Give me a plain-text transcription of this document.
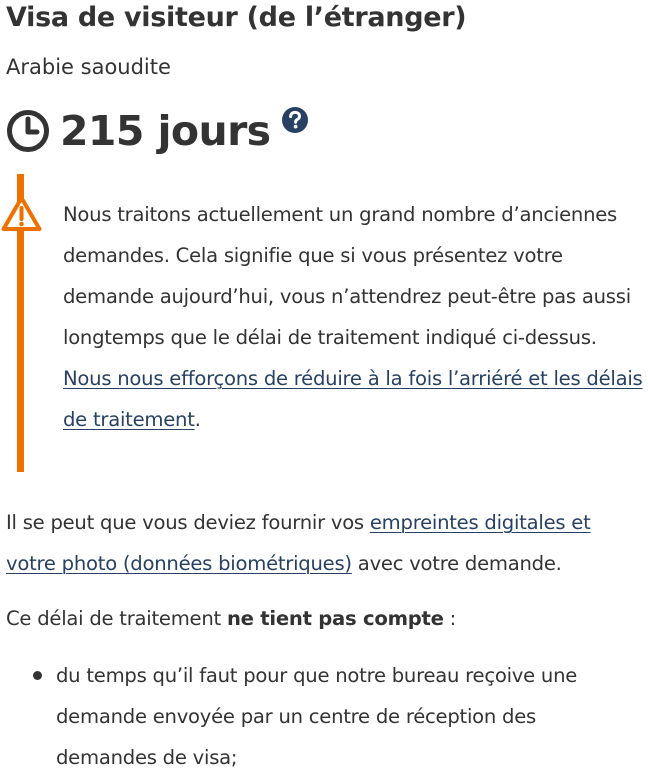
Visa de visiteur (de l’étranger)
Arabie saoudite
215 jours

Nous traitons actuellement un grand nombre d’anciennes demandes. Cela signifie que si vous présentez votre demande aujourd’hui, vous n’attendrez peut-être pas aussi longtemps que le délai de traitement indiqué ci-dessus. Nous nous efforçons de réduire à la fois l’arriéré et les délais de traitement.

Il se peut que vous deviez fournir vos empreintes digitales et votre photo (données biométriques) avec votre demande.

Ce délai de traitement ne tient pas compte :

du temps qu’il faut pour que notre bureau reçoive une demande envoyée par un centre de réception des demandes de visa;
